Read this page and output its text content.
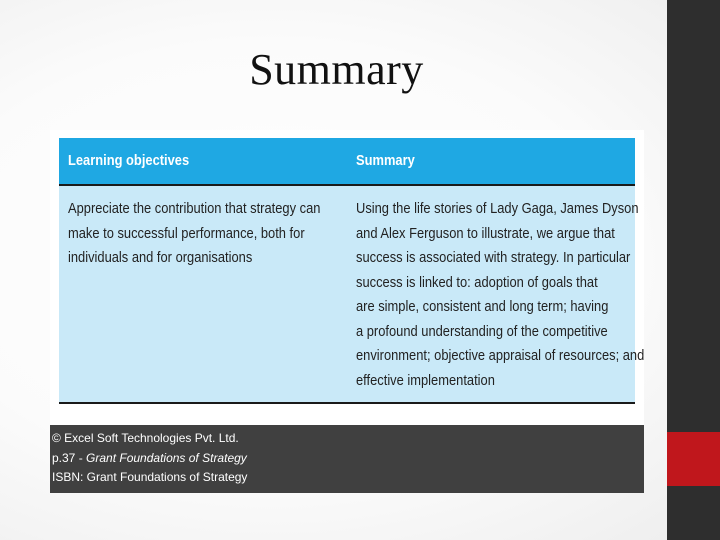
Summary
Learning objectives	Summary
Appreciate the contribution that strategy can
make to successful performance, both for
individuals and for organisations
Using the life stories of Lady Gaga, James Dyson
and Alex Ferguson to illustrate, we argue that
success is associated with strategy. In particular
success is linked to: adoption of goals that
are simple, consistent and long term; having
a profound understanding of the competitive
environment; objective appraisal of resources; and
effective implementation
© Excel Soft Technologies Pvt. Ltd.
p.37 - Grant Foundations of Strategy
ISBN: Grant Foundations of Strategy
